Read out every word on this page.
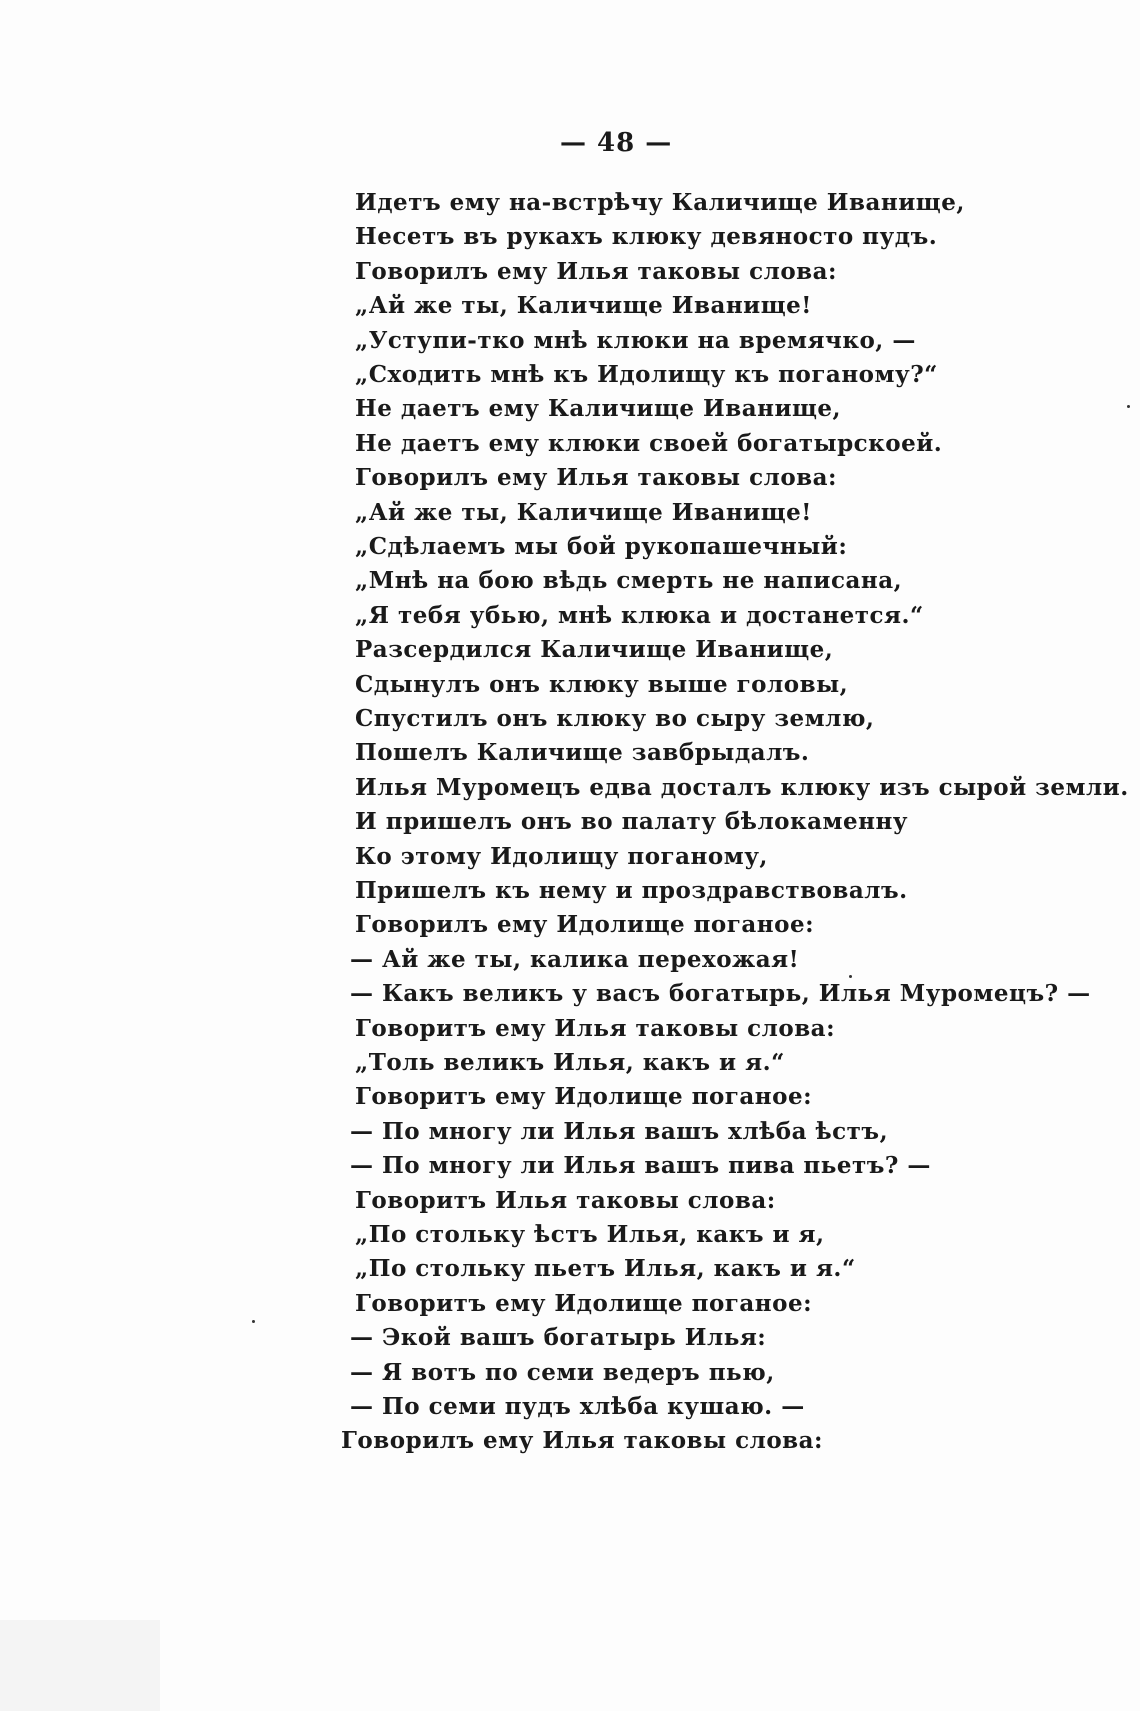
— 48 —
Идетъ ему на-встрѣчу Каличище Иванище,
Несетъ въ рукахъ клюку девяносто пудъ.
Говорилъ ему Илья таковы слова:
„Ай же ты, Каличище Иванище!
„Уступи-тко мнѣ клюки на времячко, —
„Сходить мнѣ къ Идолищу къ поганому?“
Не даетъ ему Каличище Иванище,
Не даетъ ему клюки своей богатырскоей.
Говорилъ ему Илья таковы слова:
„Ай же ты, Каличище Иванище!
„Сдѣлаемъ мы бой рукопашечный:
„Мнѣ на бою вѣдь смерть не написана,
„Я тебя убью, мнѣ клюка и достанется.“
Разсердился Каличище Иванище,
Сдынулъ онъ клюку выше головы,
Спустилъ онъ клюку во сыру землю,
Пошелъ Каличище завбрыдалъ.
Илья Муромецъ едва досталъ клюку изъ сырой земли.
И пришелъ онъ во палату бѣлокаменну
Ко этому Идолищу поганому,
Пришелъ къ нему и проздравствовалъ.
Говорилъ ему Идолище поганое:
— Ай же ты, калика перехожая!
— Какъ великъ у васъ богатырь, Илья Муромецъ? —
Говоритъ ему Илья таковы слова:
„Толь великъ Илья, какъ и я.“
Говоритъ ему Идолище поганое:
— По многу ли Илья вашъ хлѣба ѣстъ,
— По многу ли Илья вашъ пива пьетъ? —
Говоритъ Илья таковы слова:
„По стольку ѣстъ Илья, какъ и я,
„По стольку пьетъ Илья, какъ и я.“
Говоритъ ему Идолище поганое:
— Экой вашъ богатырь Илья:
— Я вотъ по семи ведеръ пью,
— По семи пудъ хлѣба кушаю. —
Говорилъ ему Илья таковы слова:
